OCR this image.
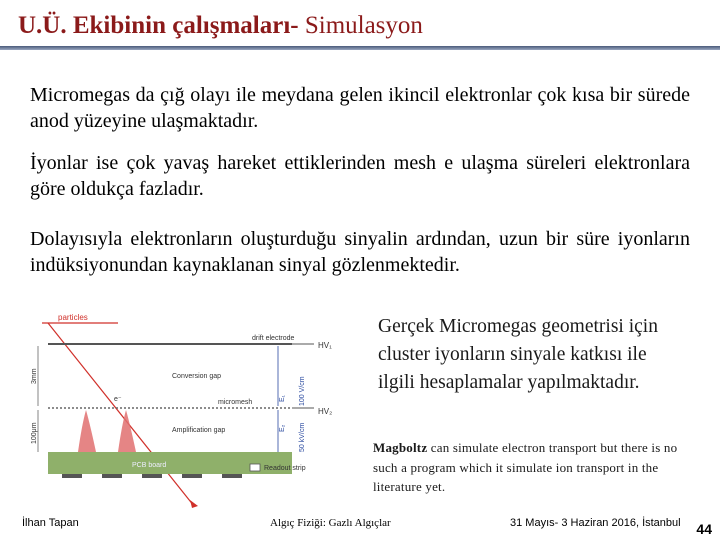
U.Ü. Ekibinin çalışmaları- Simulasyon
Micromegas da çığ olayı ile meydana gelen ikincil elektronlar çok kısa bir sürede anod yüzeyine ulaşmaktadır.
İyonlar ise çok yavaş hareket ettiklerinden mesh e ulaşma süreleri elektronlara göre oldukça fazladır.
Dolayısıyla elektronların oluşturduğu sinyalin ardından, uzun bir süre iyonların indüksiyonundan kaynaklanan sinyal gözlenmektedir.
particles
drift electrode
HV₁
Conversion gap
e⁻
3mm
micromesh
HV₂
E₁ 100 V/cm
E₂ 50 kV/cm
Amplification gap
100μm
PCB board	Readout strip
Gerçek Micromegas geometrisi için cluster iyonların sinyale katkısı ile ilgili hesaplamalar yapılmaktadır.
Magboltz can simulate electron transport but there is no such a program which it simulate ion transport in the literature yet.
İlhan Tapan	Algıç Fiziği: Gazlı Algıçlar	31 Mayıs- 3 Haziran 2016, İstanbul 44
